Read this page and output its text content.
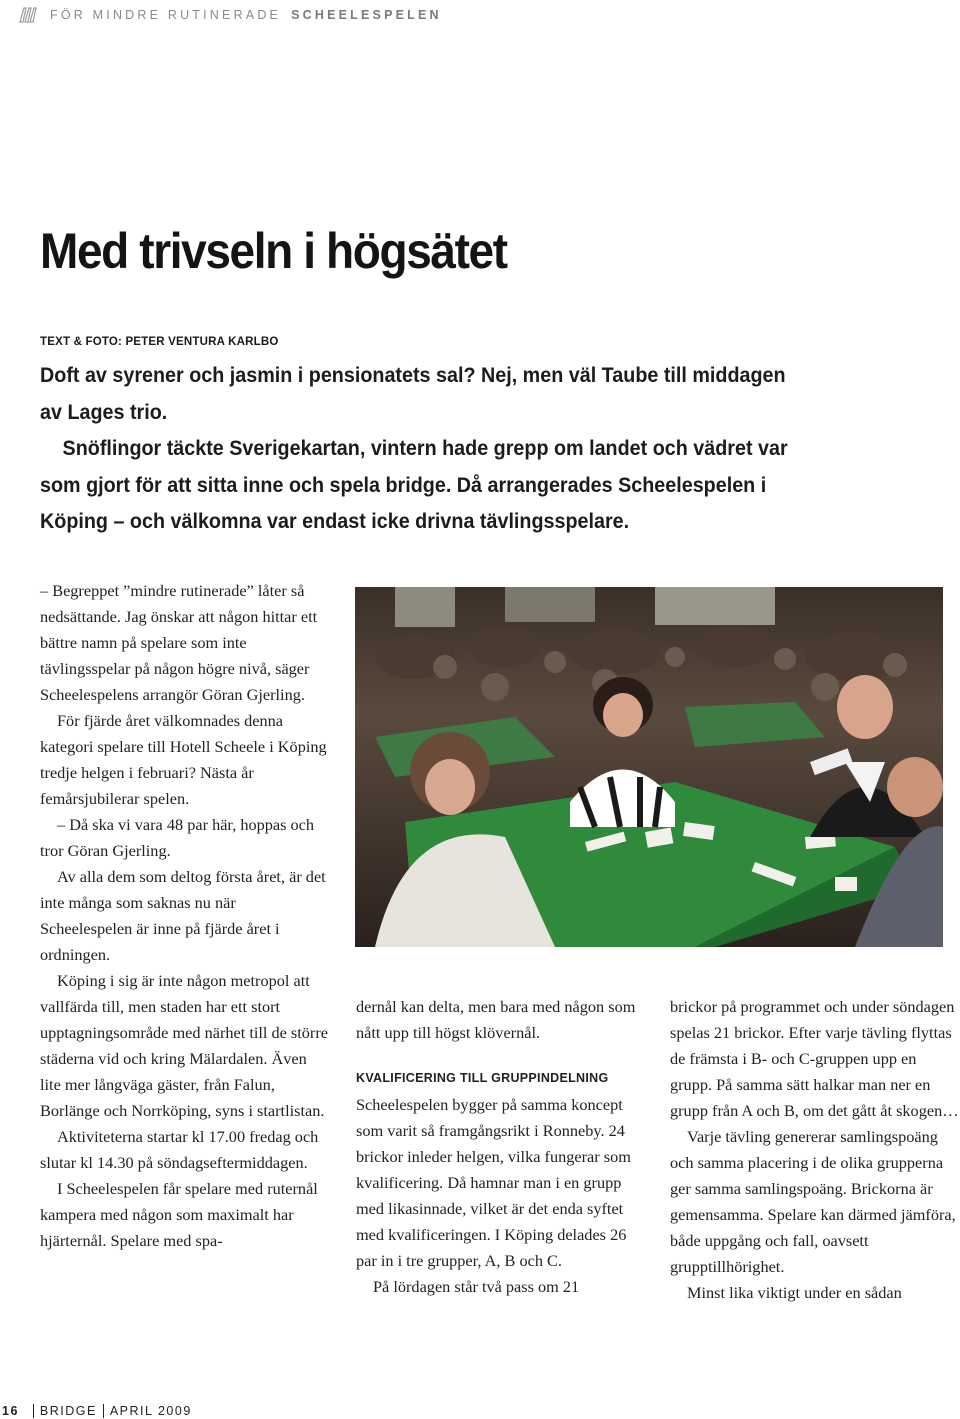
FÖR MINDRE RUTINERADE SCHEELESPELEN
Med trivseln i högsätet
TEXT & FOTO: PETER VENTURA KARLBO

Doft av syrener och jasmin i pensionatets sal? Nej, men väl Taube till middagen av Lages trio.

Snöflingor täckte Sverigekartan, vintern hade grepp om landet och vädret var som gjort för att sitta inne och spela bridge. Då arrangerades Scheelespelen i Köping – och välkomna var endast icke drivna tävlingsspelare.

– Begreppet ”mindre rutinerade” låter så nedsättande. Jag önskar att någon hittar ett bättre namn på spelare som inte tävlingsspelar på någon högre nivå, säger Scheelespelens arrangör Göran Gjerling.

För fjärde året välkomnades denna kategori spelare till Hotell Scheele i Köping tredje helgen i februari? Nästa år femårsjubilerar spelen.

– Då ska vi vara 48 par här, hoppas och tror Göran Gjerling.

Av alla dem som deltog första året, är det inte många som saknas nu när Scheelespelen är inne på fjärde året i ordningen.

Köping i sig är inte någon metropol att vallfärda till, men staden har ett stort upptagningsområde med närhet till de större städerna vid och kring Mälardalen. Även lite mer långväga gäster, från Falun, Borlänge och Norrköping, syns i startlistan.

Aktiviteterna startar kl 17.00 fredag och slutar kl 14.30 på söndagseftermiddagen.

I Scheelespelen får spelare med ruternål kampera med någon som maximalt har hjärternål. Spelare med spa-

dernål kan delta, men bara med någon som nått upp till högst klövernål.

KVALIFICERING TILL GRUPPINDELNING

Scheelespelen bygger på samma koncept som varit så framgångsrikt i Ronneby. 24 brickor inleder helgen, vilka fungerar som kvalificering. Då hamnar man i en grupp med likasinnade, vilket är det enda syftet med kvalificeringen. I Köping delades 26 par in i tre grupper, A, B och C.

På lördagen står två pass om 21

brickor på programmet och under söndagen spelas 21 brickor. Efter varje tävling flyttas de främsta i B- och C-gruppen upp en grupp. På samma sätt halkar man ner en grupp från A och B, om det gått åt skogen…

Varje tävling genererar samlingspoäng och samma placering i de olika grupperna ger samma samlingspoäng. Brickorna är gemensamma. Spelare kan därmed jämföra, både uppgång och fall, oavsett grupptillhörighet.

Minst lika viktigt under en sådan

16 BRIDGE APRIL 2009
